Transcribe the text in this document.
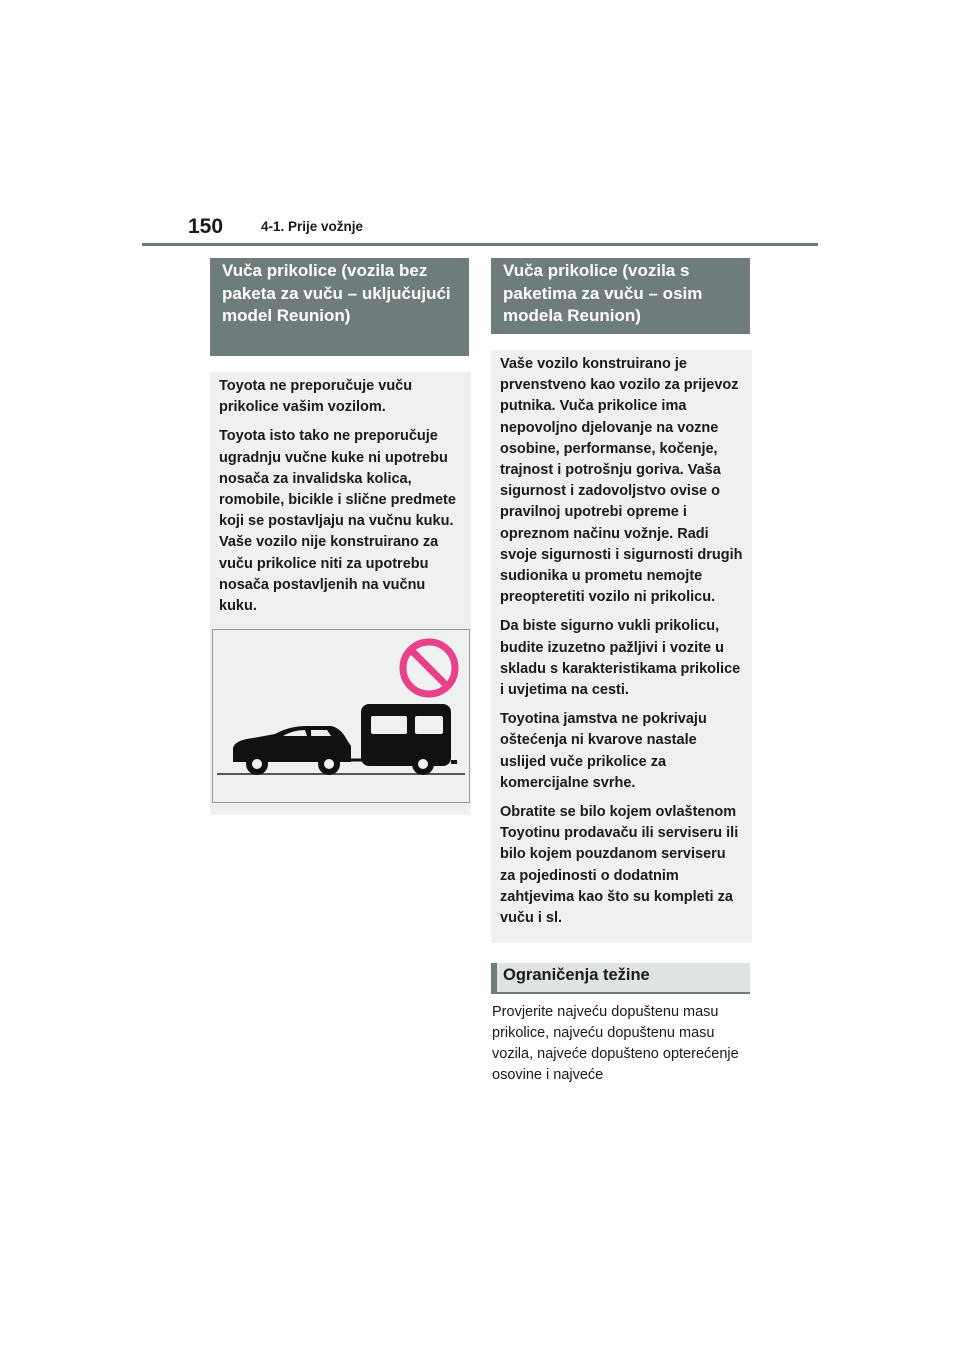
150	4-1. Prije vožnje
Vuča prikolice (vozila bez paketa za vuču – uključujući model Reunion)

Toyota ne preporučuje vuču prikolice vašim vozilom.

Toyota isto tako ne preporučuje ugradnju vučne kuke ni upotrebu nosača za invalidska kolica, romobile, bicikle i slične predmete koji se postavljaju na vučnu kuku. Vaše vozilo nije konstruirano za vuču prikolice niti za upotrebu nosača postavljenih na vučnu kuku.

Vuča prikolice (vozila s paketima za vuču – osim modela Reunion)

Vaše vozilo konstruirano je prvenstveno kao vozilo za prijevoz putnika. Vuča prikolice ima nepovoljno djelovanje na vozne osobine, performanse, kočenje, trajnost i potrošnju goriva. Vaša sigurnost i zadovoljstvo ovise o pravilnoj upotrebi opreme i opreznom načinu vožnje. Radi svoje sigurnosti i sigurnosti drugih sudionika u prometu nemojte preopteretiti vozilo ni prikolicu.

Da biste sigurno vukli prikolicu, budite izuzetno pažljivi i vozite u skladu s karakteristikama prikolice i uvjetima na cesti.

Toyotina jamstva ne pokrivaju oštećenja ni kvarove nastale uslijed vuče prikolice za komercijalne svrhe.

Obratite se bilo kojem ovlaštenom Toyotinu prodavaču ili serviseru ili bilo kojem pouzdanom serviseru za pojedinosti o dodatnim zahtjevima kao što su kompleti za vuču i sl.

Ograničenja težine
Provjerite najveću dopuštenu masu prikolice, najveću dopuštenu masu vozila, najveće dopušteno opterećenje osovine i najveće
